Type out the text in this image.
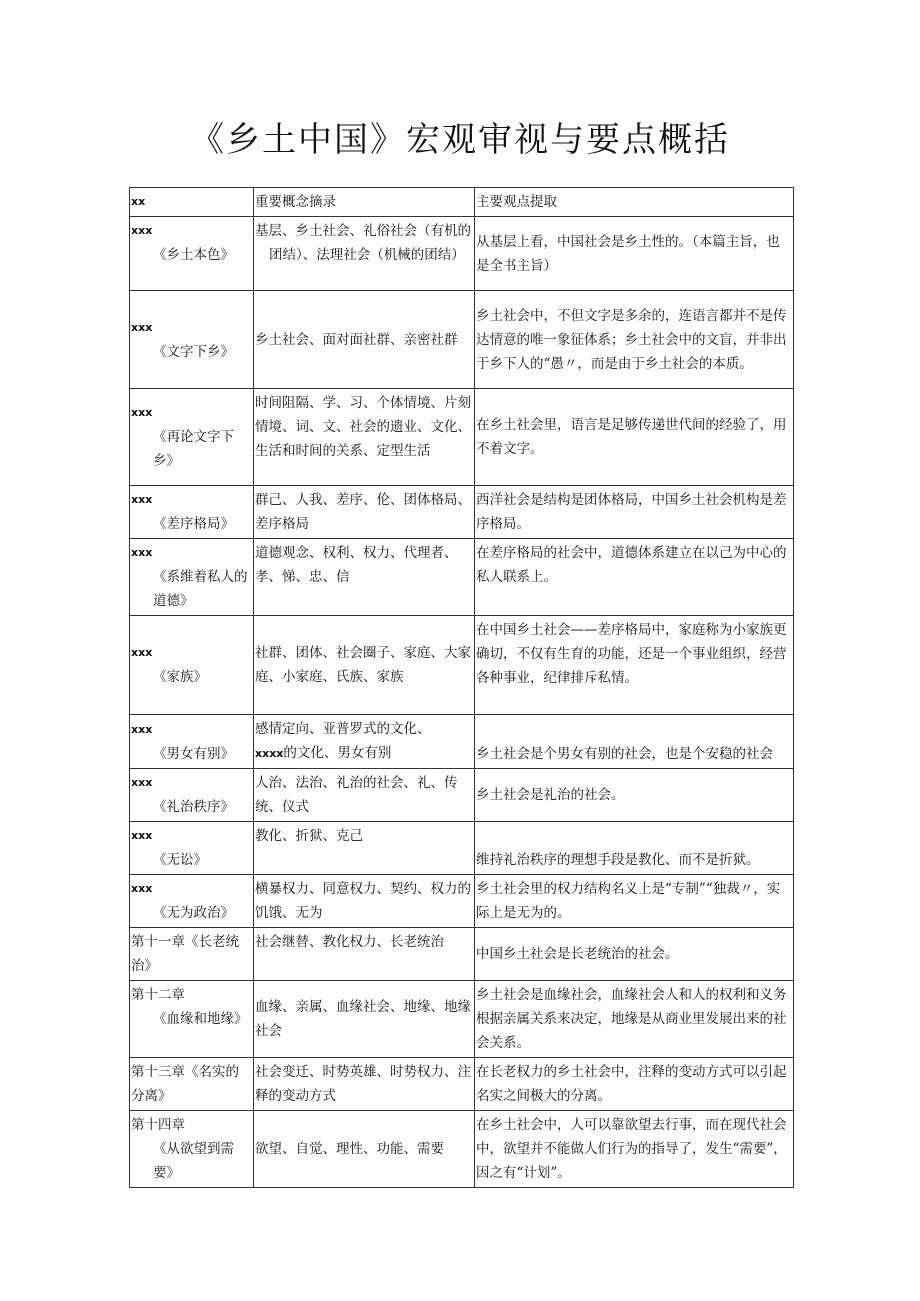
《乡土中国》宏观审视与要点概括
xx	重要概念摘录	主要观点提取

xxx
《乡土本色》	基层、乡土社会、礼俗社会（有机的团结）、法理社会（机械的团结）	从基层上看，中国社会是乡土性的。（本篇主旨，也是全书主旨）

xxx
《文字下乡》	乡土社会、面对面社群、亲密社群	乡土社会中，不但文字是多余的，连语言都并不是传达情意的唯一象征体系；乡土社会中的文盲，并非出于乡下人的“愚〃，而是由于乡土社会的本质。

xxx
《再论文字下乡》	时间阻隔、学、习、个体情境、片刻情境、词、文、社会的遗业、文化、生活和时间的关系、定型生活	在乡土社会里，语言是足够传递世代间的经验了，用不着文字。

xxx
《差序格局》	群己、人我、差序、伦、团体格局、差序格局	西洋社会是结构是团体格局，中国乡土社会机构是差序格局。

xxx
《系维着私人的道德》	道德观念、权利、权力、代理者、孝、悌、忠、信	在差序格局的社会中，道德体系建立在以己为中心的私人联系上。

xxx
《家族》	社群、团体、社会圈子、家庭、大家庭、小家庭、氏族、家族	在中国乡土社会——差序格局中，家庭称为小家族更确切，不仅有生育的功能，还是一个事业组织，经营各种事业，纪律排斥私情。

xxx
《男女有别》	感情定向、亚普罗式的文化、
xxxx的文化、男女有别	乡土社会是个男女有别的社会，也是个安稳的社会

xxx
《礼治秩序》	人治、法治、礼治的社会、礼、传统、仪式	乡土社会是礼治的社会。

xxx
《无讼》	教化、折狱、克己	维持礼治秩序的理想手段是教化、而不是折狱。

xxx
《无为政治》	横暴权力、同意权力、契约、权力的饥饿、无为	乡土社会里的权力结构名义上是“专制”“独裁〃，实际上是无为的。
第十一章《长老统治》	社会继替、教化权力、长老统治	中国乡土社会是长老统治的社会。
第十二章
《血缘和地缘》	血缘、亲属、血缘社会、地缘、地缘社会	乡土社会是血缘社会，血缘社会人和人的权利和义务根据亲属关系来决定，地缘是从商业里发展出来的社会关系。
第十三章《名实的分离》	社会变迁、时势英雄、时势权力、注释的变动方式	在长老权力的乡土社会中，注释的变动方式可以引起名实之间极大的分离。
第十四章
《从欲望到需要》	欲望、自觉、理性、功能、需要	在乡土社会中，人可以靠欲望去行事，而在现代社会中，欲望并不能做人们行为的指导了，发生“需要”，因之有“计划”。
